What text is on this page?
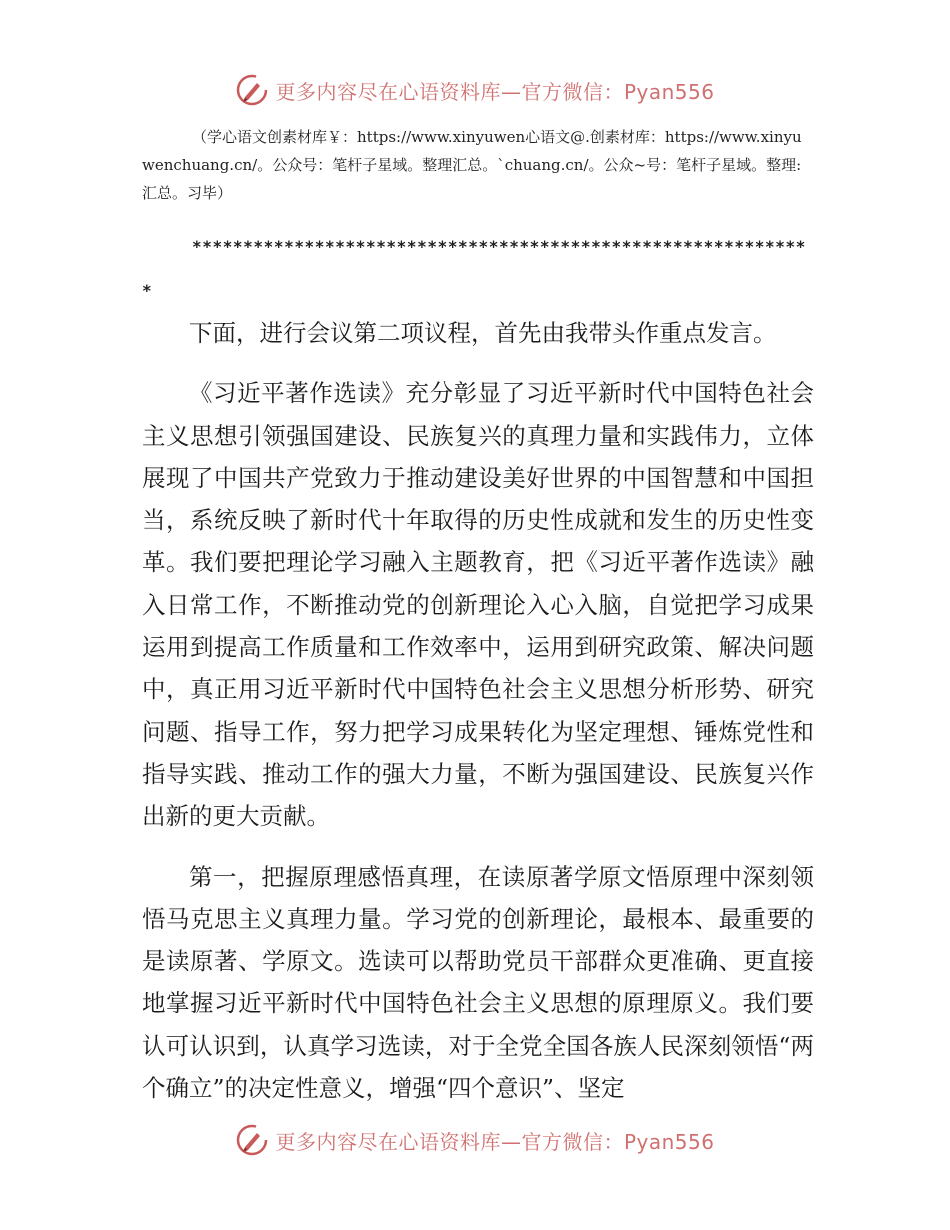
更多内容尽在心语资料库—官方微信：Pyan556

（学心语文创素材库￥：https://www.xinyuwen心语文@.创素材库：https://www.xinyuwenchuang.cn/。公众号：笔杆子星域。整理汇总。`chuang.cn/。公众~号：笔杆子星域。整理:汇总。习毕）

*************************************************************

下面，进行会议第二项议程，首先由我带头作重点发言。

《习近平著作选读》充分彰显了习近平新时代中国特色社会主义思想引领强国建设、民族复兴的真理力量和实践伟力，立体展现了中国共产党致力于推动建设美好世界的中国智慧和中国担当，系统反映了新时代十年取得的历史性成就和发生的历史性变革。我们要把理论学习融入主题教育，把《习近平著作选读》融入日常工作，不断推动党的创新理论入心入脑，自觉把学习成果运用到提高工作质量和工作效率中，运用到研究政策、解决问题中，真正用习近平新时代中国特色社会主义思想分析形势、研究问题、指导工作，努力把学习成果转化为坚定理想、锤炼党性和指导实践、推动工作的强大力量，不断为强国建设、民族复兴作出新的更大贡献。

第一，把握原理感悟真理，在读原著学原文悟原理中深刻领悟马克思主义真理力量。学习党的创新理论，最根本、最重要的是读原著、学原文。选读可以帮助党员干部群众更准确、更直接地掌握习近平新时代中国特色社会主义思想的原理原义。我们要认可认识到，认真学习选读，对于全党全国各族人民深刻领悟“两个确立”的决定性意义，增强“四个意识”、坚定

更多内容尽在心语资料库—官方微信：Pyan556
